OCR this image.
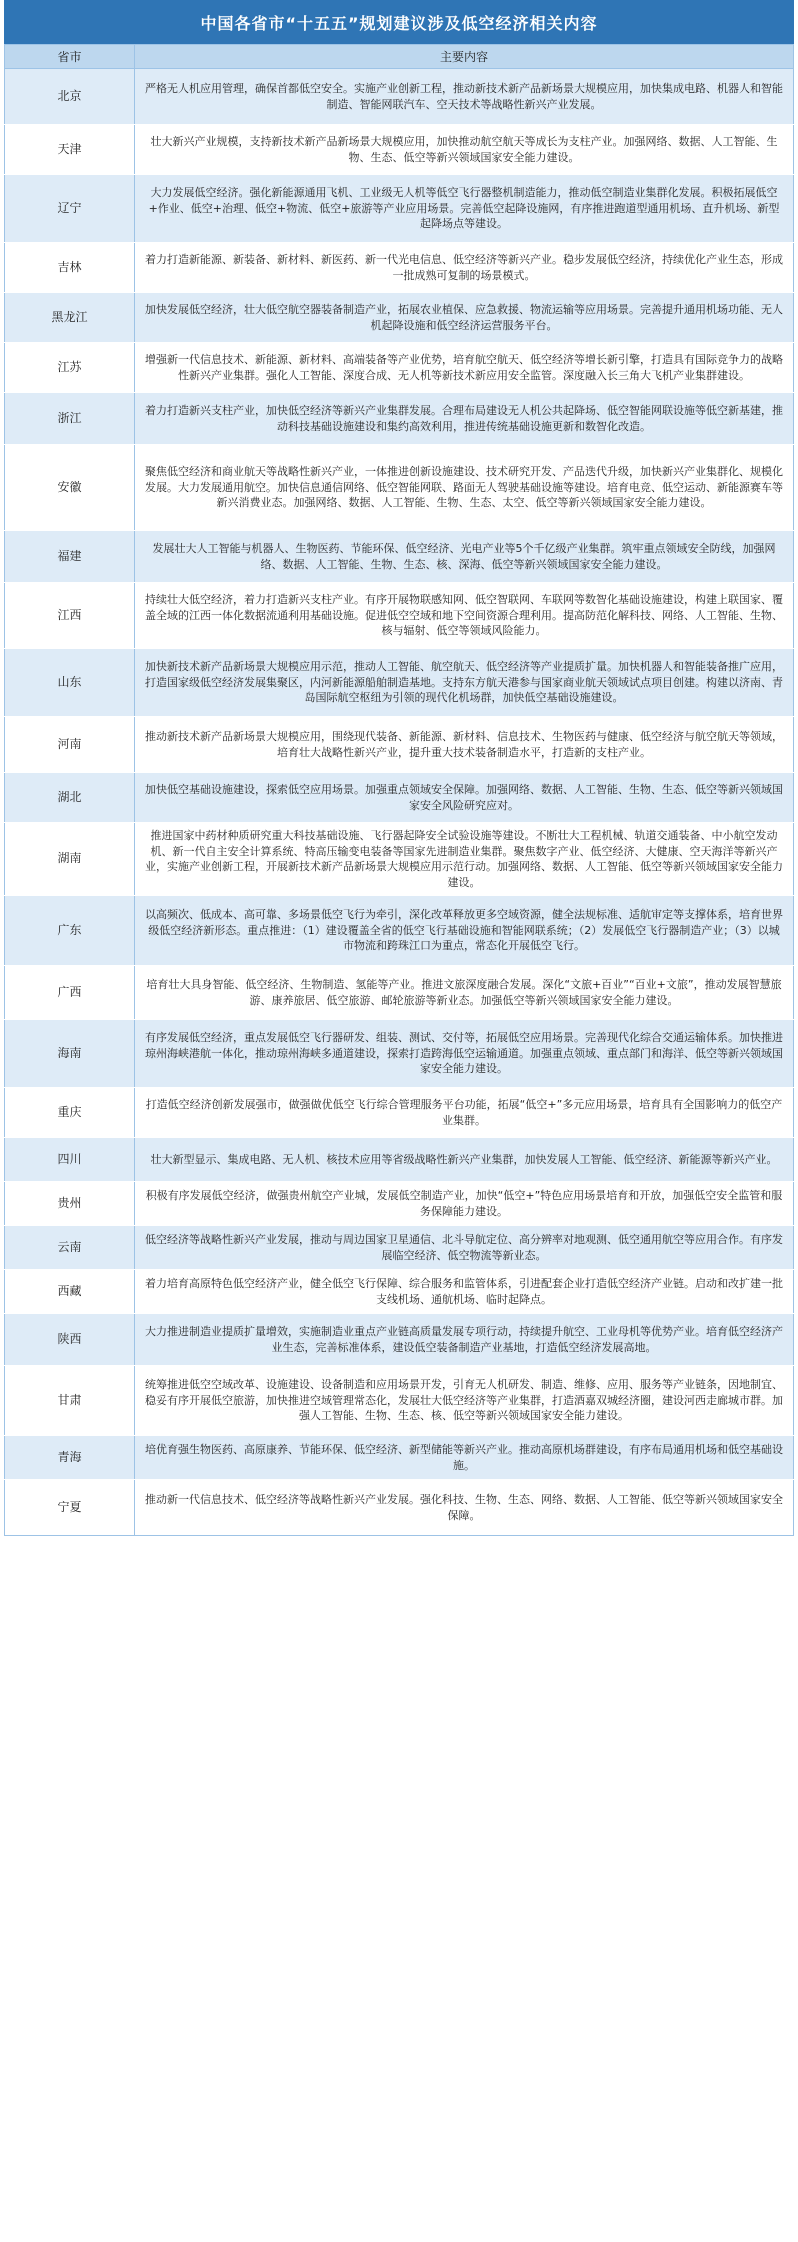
中国各省市“十五五”规划建议涉及低空经济相关内容
省市	主要内容
北京	严格无人机应用管理，确保首都低空安全。实施产业创新工程，推动新技术新产品新场景大规模应用，加快集成电路、机器人和智能制造、智能网联汽车、空天技术等战略性新兴产业发展。
天津	壮大新兴产业规模，支持新技术新产品新场景大规模应用，加快推动航空航天等成长为支柱产业。加强网络、数据、人工智能、生物、生态、低空等新兴领域国家安全能力建设。
辽宁	大力发展低空经济。强化新能源通用飞机、工业级无人机等低空飞行器整机制造能力，推动低空制造业集群化发展。积极拓展低空+作业、低空+治理、低空+物流、低空+旅游等产业应用场景。完善低空起降设施网，有序推进跑道型通用机场、直升机场、新型起降场点等建设。
吉林	着力打造新能源、新装备、新材料、新医药、新一代光电信息、低空经济等新兴产业。稳步发展低空经济，持续优化产业生态，形成一批成熟可复制的场景模式。
黑龙江	加快发展低空经济，壮大低空航空器装备制造产业，拓展农业植保、应急救援、物流运输等应用场景。完善提升通用机场功能、无人机起降设施和低空经济运营服务平台。
江苏	增强新一代信息技术、新能源、新材料、高端装备等产业优势，培育航空航天、低空经济等增长新引擎，打造具有国际竞争力的战略性新兴产业集群。强化人工智能、深度合成、无人机等新技术新应用安全监管。深度融入长三角大飞机产业集群建设。
浙江	着力打造新兴支柱产业，加快低空经济等新兴产业集群发展。合理布局建设无人机公共起降场、低空智能网联设施等低空新基建，推动科技基础设施建设和集约高效利用，推进传统基础设施更新和数智化改造。
安徽	聚焦低空经济和商业航天等战略性新兴产业，一体推进创新设施建设、技术研究开发、产品迭代升级，加快新兴产业集群化、规模化发展。大力发展通用航空。加快信息通信网络、低空智能网联、路面无人驾驶基础设施等建设。培育电竞、低空运动、新能源赛车等新兴消费业态。加强网络、数据、人工智能、生物、生态、太空、低空等新兴领域国家安全能力建设。
福建	发展壮大人工智能与机器人、生物医药、节能环保、低空经济、光电产业等5个千亿级产业集群。筑牢重点领域安全防线，加强网络、数据、人工智能、生物、生态、核、深海、低空等新兴领域国家安全能力建设。
江西	持续壮大低空经济，着力打造新兴支柱产业。有序开展物联感知网、低空智联网、车联网等数智化基础设施建设，构建上联国家、覆盖全域的江西一体化数据流通利用基础设施。促进低空空域和地下空间资源合理利用。提高防范化解科技、网络、人工智能、生物、核与辐射、低空等领域风险能力。
山东	加快新技术新产品新场景大规模应用示范，推动人工智能、航空航天、低空经济等产业提质扩量。加快机器人和智能装备推广应用，打造国家级低空经济发展集聚区，内河新能源船舶制造基地。支持东方航天港参与国家商业航天领域试点项目创建。构建以济南、青岛国际航空枢纽为引领的现代化机场群，加快低空基础设施建设。
河南	推动新技术新产品新场景大规模应用，围绕现代装备、新能源、新材料、信息技术、生物医药与健康、低空经济与航空航天等领域，培育壮大战略性新兴产业，提升重大技术装备制造水平，打造新的支柱产业。
湖北	加快低空基础设施建设，探索低空应用场景。加强重点领域安全保障。加强网络、数据、人工智能、生物、生态、低空等新兴领域国家安全风险研究应对。
湖南	推进国家中药材种质研究重大科技基础设施、飞行器起降安全试验设施等建设。不断壮大工程机械、轨道交通装备、中小航空发动机、新一代自主安全计算系统、特高压输变电装备等国家先进制造业集群。聚焦数字产业、低空经济、大健康、空天海洋等新兴产业，实施产业创新工程，开展新技术新产品新场景大规模应用示范行动。加强网络、数据、人工智能、低空等新兴领域国家安全能力建设。
广东	以高频次、低成本、高可靠、多场景低空飞行为牵引，深化改革释放更多空域资源，健全法规标准、适航审定等支撑体系，培育世界级低空经济新形态。重点推进：（1）建设覆盖全省的低空飞行基础设施和智能网联系统；（2）发展低空飞行器制造产业；（3）以城市物流和跨珠江口为重点，常态化开展低空飞行。
广西	培育壮大具身智能、低空经济、生物制造、氢能等产业。推进文旅深度融合发展。深化“文旅+百业”“百业+文旅”，推动发展智慧旅游、康养旅居、低空旅游、邮轮旅游等新业态。加强低空等新兴领域国家安全能力建设。
海南	有序发展低空经济，重点发展低空飞行器研发、组装、测试、交付等，拓展低空应用场景。完善现代化综合交通运输体系。加快推进琼州海峡港航一体化，推动琼州海峡多通道建设，探索打造跨海低空运输通道。加强重点领域、重点部门和海洋、低空等新兴领域国家安全能力建设。
重庆	打造低空经济创新发展强市，做强做优低空飞行综合管理服务平台功能，拓展“低空+”多元应用场景，培育具有全国影响力的低空产业集群。
四川	壮大新型显示、集成电路、无人机、核技术应用等省级战略性新兴产业集群，加快发展人工智能、低空经济、新能源等新兴产业。
贵州	积极有序发展低空经济，做强贵州航空产业城，发展低空制造产业，加快“低空+”特色应用场景培育和开放，加强低空安全监管和服务保障能力建设。
云南	低空经济等战略性新兴产业发展，推动与周边国家卫星通信、北斗导航定位、高分辨率对地观测、低空通用航空等应用合作。有序发展临空经济、低空物流等新业态。
西藏	着力培育高原特色低空经济产业，健全低空飞行保障、综合服务和监管体系，引进配套企业打造低空经济产业链。启动和改扩建一批支线机场、通航机场、临时起降点。
陕西	大力推进制造业提质扩量增效，实施制造业重点产业链高质量发展专项行动，持续提升航空、工业母机等优势产业。培育低空经济产业生态，完善标准体系，建设低空装备制造产业基地，打造低空经济发展高地。
甘肃	统筹推进低空空域改革、设施建设、设备制造和应用场景开发，引育无人机研发、制造、维修、应用、服务等产业链条，因地制宜、稳妥有序开展低空旅游，加快推进空域管理常态化，发展壮大低空经济等产业集群，打造酒嘉双城经济圈，建设河西走廊城市群。加强人工智能、生物、生态、核、低空等新兴领域国家安全能力建设。
青海	培优育强生物医药、高原康养、节能环保、低空经济、新型储能等新兴产业。推动高原机场群建设，有序布局通用机场和低空基础设施。
宁夏	推动新一代信息技术、低空经济等战略性新兴产业发展。强化科技、生物、生态、网络、数据、人工智能、低空等新兴领域国家安全保障。
